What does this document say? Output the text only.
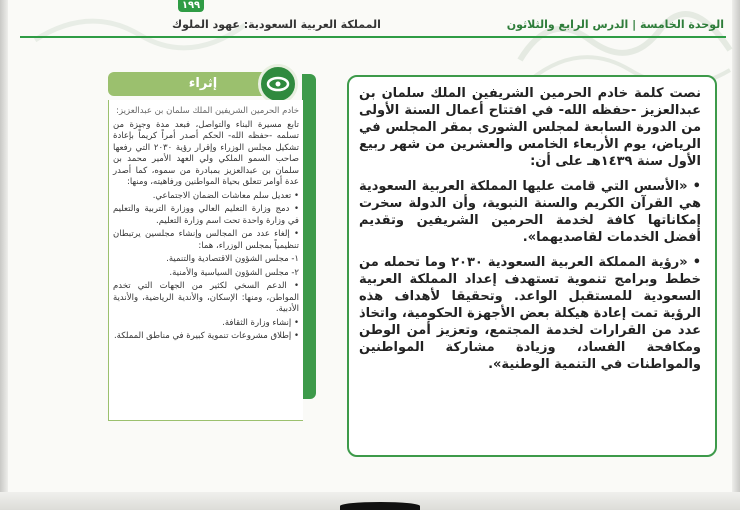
١٩٩
الوحدة الخامسة | الدرس الرابع والثلاثون
المملكة العربية السعودية: عهود الملوك

نصت كلمة خادم الحرمين الشريفين الملك سلمان بن عبدالعزيز -حفظه الله- في افتتاح أعمال السنة الأولى من الدورة السابعة لمجلس الشورى بمقر المجلس في الرياض، يوم الأربعاء الخامس والعشرين من شهر ربيع الأول سنة ١٤٣٩هـ على أن:

• «الأسس التي قامت عليها المملكة العربية السعودية هي القرآن الكريم والسنة النبوية، وأن الدولة سخرت إمكاناتها كافة لخدمة الحرمين الشريفين وتقديم أفضل الخدمات لقاصديهما».

• «رؤية المملكة العربية السعودية ٢٠٣٠ وما تحمله من خطط وبرامج تنموية تستهدف إعداد المملكة العربية السعودية للمستقبل الواعد. وتحقيقا لأهداف هذه الرؤية تمت إعادة هيكلة بعض الأجهزة الحكومية، واتخاذ عدد من القرارات لخدمة المجتمع، وتعزيز أمن الوطن ومكافحة الفساد، وزيادة مشاركة المواطنين والمواطنات في التنمية الوطنية».

إثراء

خادم الحرمين الشريفين الملك سلمان بن عبدالعزيز:

تابع مسيرة البناء والتواصل، فبعد مدة وجيزة من تسلمه -حفظه الله- الحكم أصدر أمراً كريماً بإعادة تشكيل مجلس الوزراء وإقرار رؤية ٢٠٣٠ التي رفعها صاحب السمو الملكي ولي العهد الأمير محمد بن سلمان بن عبدالعزيز بمبادرة من سموه، كما أصدر عدة أوامر تتعلق بحياة المواطنين ورفاهيته، ومنها:

• تعديل سلم معاشات الضمان الاجتماعي.

• دمج وزارة التعليم العالي ووزارة التربية والتعليم في وزارة واحدة تحت اسم وزارة التعليم.

• إلغاء عدد من المجالس وإنشاء مجلسين يرتبطان تنظيمياً بمجلس الوزراء، هما:

١- مجلس الشؤون الاقتصادية والتنمية.

٢- مجلس الشؤون السياسية والأمنية.

• الدعم السخي لكثير من الجهات التي تخدم المواطن، ومنها: الإسكان، والأندية الرياضية، والأندية الأدبية.

• إنشاء وزارة الثقافة.

• إطلاق مشروعات تنموية كبيرة في مناطق المملكة.
